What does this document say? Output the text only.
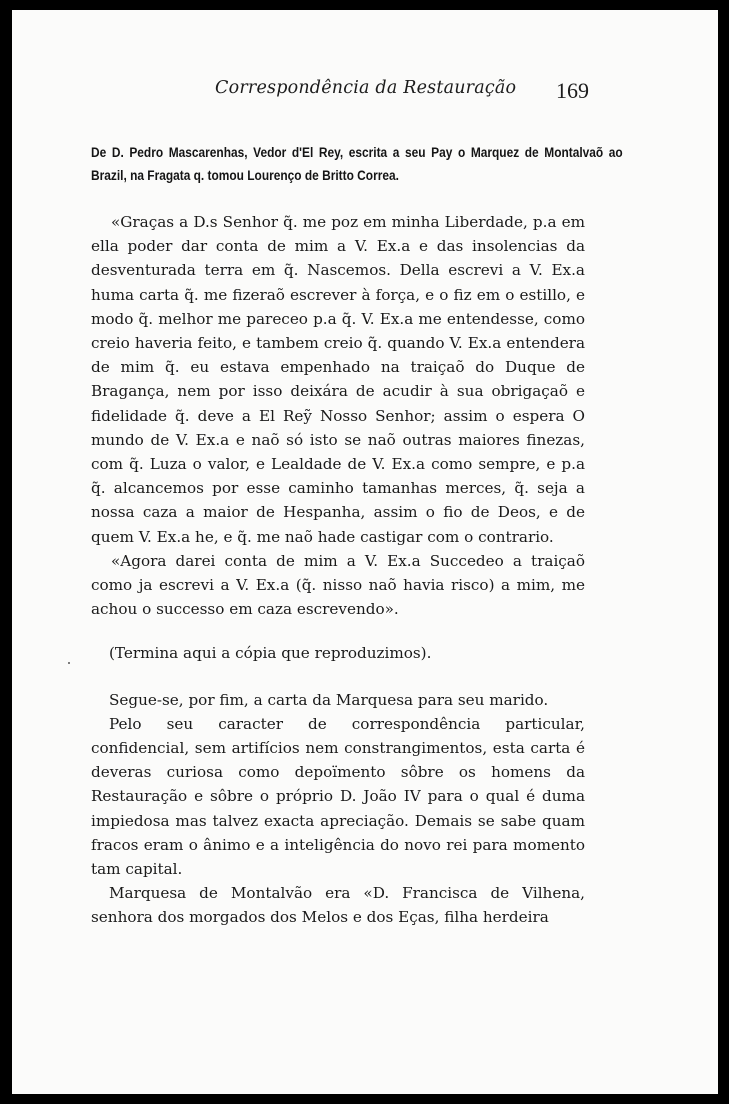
Correspondência da Restauração 169
De D. Pedro Mascarenhas, Vedor d'El Rey, escrita a seu Pay o Marquez de Montalvaõ ao Brazil, na Fragata q. tomou Lourenço de Britto Correa.

«Graças a D.s Senhor q̃. me poz em minha Liberdade, p.a em ella poder dar conta de mim a V. Ex.a e das insolencias da desventurada terra em q̃. Nascemos. Della escrevi a V. Ex.a huma carta q̃. me fizeraõ escrever à força, e o fiz em o estillo, e modo q̃. melhor me pareceo p.a q̃. V. Ex.a me entendesse, como creio haveria feito, e tambem creio q̃. quando V. Ex.a entendera de mim q̃. eu estava empenhado na traiçaõ do Duque de Bragança, nem por isso deixára de acudir à sua obrigaçaõ e fidelidade q̃. deve a El Reỹ Nosso Senhor; assim o espera O mundo de V. Ex.a e naõ só isto se naõ outras maiores finezas, com q̃. Luza o valor, e Lealdade de V. Ex.a como sempre, e p.a q̃. alcancemos por esse caminho tamanhas merces, q̃. seja a nossa caza a maior de Hespanha, assim o fio de Deos, e de quem V. Ex.a he, e q̃. me naõ hade castigar com o contrario.

«Agora darei conta de mim a V. Ex.a Succedeo a traiçaõ como ja escrevi a V. Ex.a (q̃. nisso naõ havia risco) a mim, me achou o successo em caza escrevendo».

(Termina aqui a cópia que reproduzimos).

Segue-se, por fim, a carta da Marquesa para seu marido.

Pelo seu caracter de correspondência particular, confidencial, sem artifícios nem constrangimentos, esta carta é deveras curiosa como depoïmento sôbre os homens da Restauração e sôbre o próprio D. João IV para o qual é duma impiedosa mas talvez exacta apreciação. Demais se sabe quam fracos eram o ânimo e a inteligência do novo rei para momento tam capital.

Marquesa de Montalvão era «D. Francisca de Vilhena, senhora dos morgados dos Melos e dos Eças, filha herdeira
